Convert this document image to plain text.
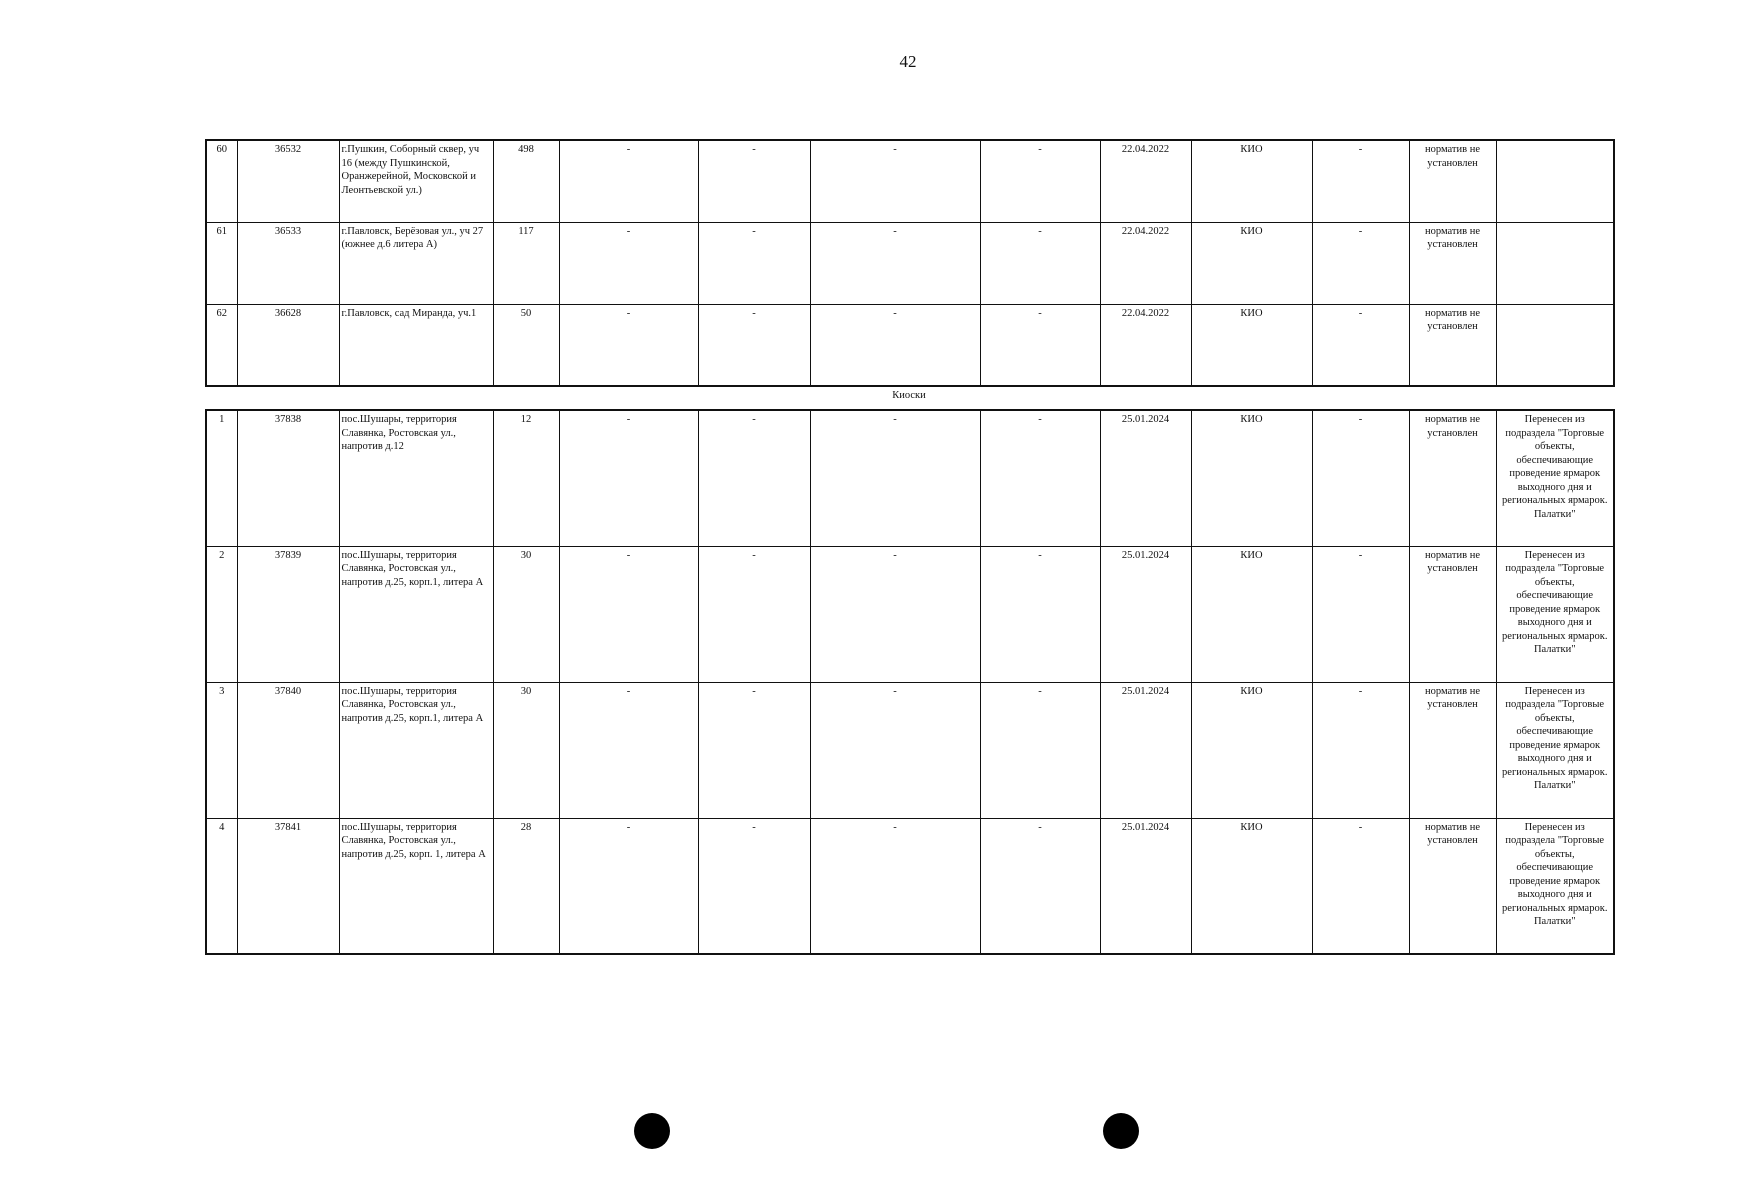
42
60	36532	г.Пушкин, Соборный сквер, уч 16 (между Пушкинской, Оранжерейной, Московской и Леонтьевской ул.)	498	-	-	-	-	22.04.2022	КИО	-	норматив не установлен	
61	36533	г.Павловск, Берёзовая ул., уч 27 (южнее д.6 литера А)	117	-	-	-	-	22.04.2022	КИО	-	норматив не установлен	
62	36628	г.Павловск, сад Миранда, уч.1	50	-	-	-	-	22.04.2022	КИО	-	норматив не установлен	
Киоски
1	37838	пос.Шушары, территория Славянка, Ростовская ул., напротив д.12	12	-	-	-	-	25.01.2024	КИО	-	норматив не установлен	Перенесен из подраздела "Торговые объекты, обеспечивающие проведение ярмарок выходного дня и региональных ярмарок. Палатки"
2	37839	пос.Шушары, территория Славянка, Ростовская ул., напротив д.25, корп.1, литера А	30	-	-	-	-	25.01.2024	КИО	-	норматив не установлен	Перенесен из подраздела "Торговые объекты, обеспечивающие проведение ярмарок выходного дня и региональных ярмарок. Палатки"
3	37840	пос.Шушары, территория Славянка, Ростовская ул., напротив д.25, корп.1, литера А	30	-	-	-	-	25.01.2024	КИО	-	норматив не установлен	Перенесен из подраздела "Торговые объекты, обеспечивающие проведение ярмарок выходного дня и региональных ярмарок. Палатки"
4	37841	пос.Шушары, территория Славянка, Ростовская ул., напротив д.25, корп. 1, литера А	28	-	-	-	-	25.01.2024	КИО	-	норматив не установлен	Перенесен из подраздела "Торговые объекты, обеспечивающие проведение ярмарок выходного дня и региональных ярмарок. Палатки"
